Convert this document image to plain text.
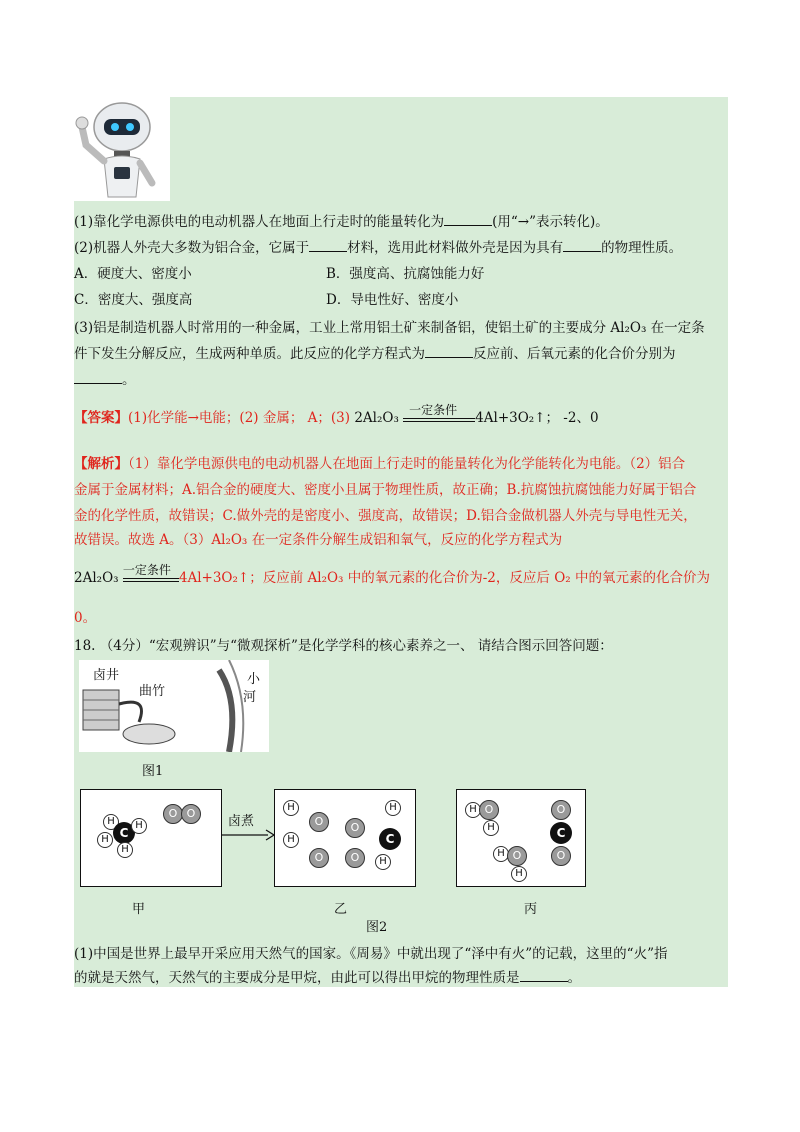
(1)靠化学电源供电的电动机器人在地面上行走时的能量转化为	(用“→”表示转化)。
(2)机器人外壳大多数为铝合金，它属于	材料，选用此材料做外壳是因为具有	的物理性质。
A．硬度大、密度小	B．强度高、抗腐蚀能力好
C．密度大、强度高	D．导电性好、密度小
(3)铝是制造机器人时常用的一种金属，工业上常用铝土矿来制备铝，使铝土矿的主要成分 Al₂O₃ 在一定条
件下发生分解反应，生成两种单质。此反应的化学方程式为	反应前、后氧元素的化合价分别为
。
【答案】(1)化学能→电能；(2) 金属； A；(3) 2Al₂O₃
一定条件
4Al+3O₂↑； -2、0
【解析】（1）靠化学电源供电的电动机器人在地面上行走时的能量转化为化学能转化为电能。（2）铝合
金属于金属材料；A.铝合金的硬度大、密度小且属于物理性质，故正确；B.抗腐蚀抗腐蚀能力好属于铝合
金的化学性质，故错误；C.做外壳的是密度小、强度高，故错误；D.铝合金做机器人外壳与导电性无关，
故错误。故选 A。（3）Al₂O₃ 在一定条件分解生成铝和氧气，反应的化学方程式为
2Al₂O₃
一定条件
4Al+3O₂↑；反应前 Al₂O₃ 中的氧元素的化合价为-2，反应后 O₂ 中的氧元素的化合价为
0。
18. （4分）“宏观辨识”与“微观探析”是化学学科的核心素养之一、 请结合图示回答问题：
卤井
曲竹
小
河
图1
H
C
H
H
H
O O
卤煮
H
H
O
O
O
O
H
C
H
H O
H
H O
H
O
C
O
甲	乙	丙
图2
(1)中国是世界上最早开采应用天然气的国家。《周易》中就出现了“泽中有火”的记载，这里的“火”指
的就是天然气，天然气的主要成分是甲烷，由此可以得出甲烷的物理性质是	。
